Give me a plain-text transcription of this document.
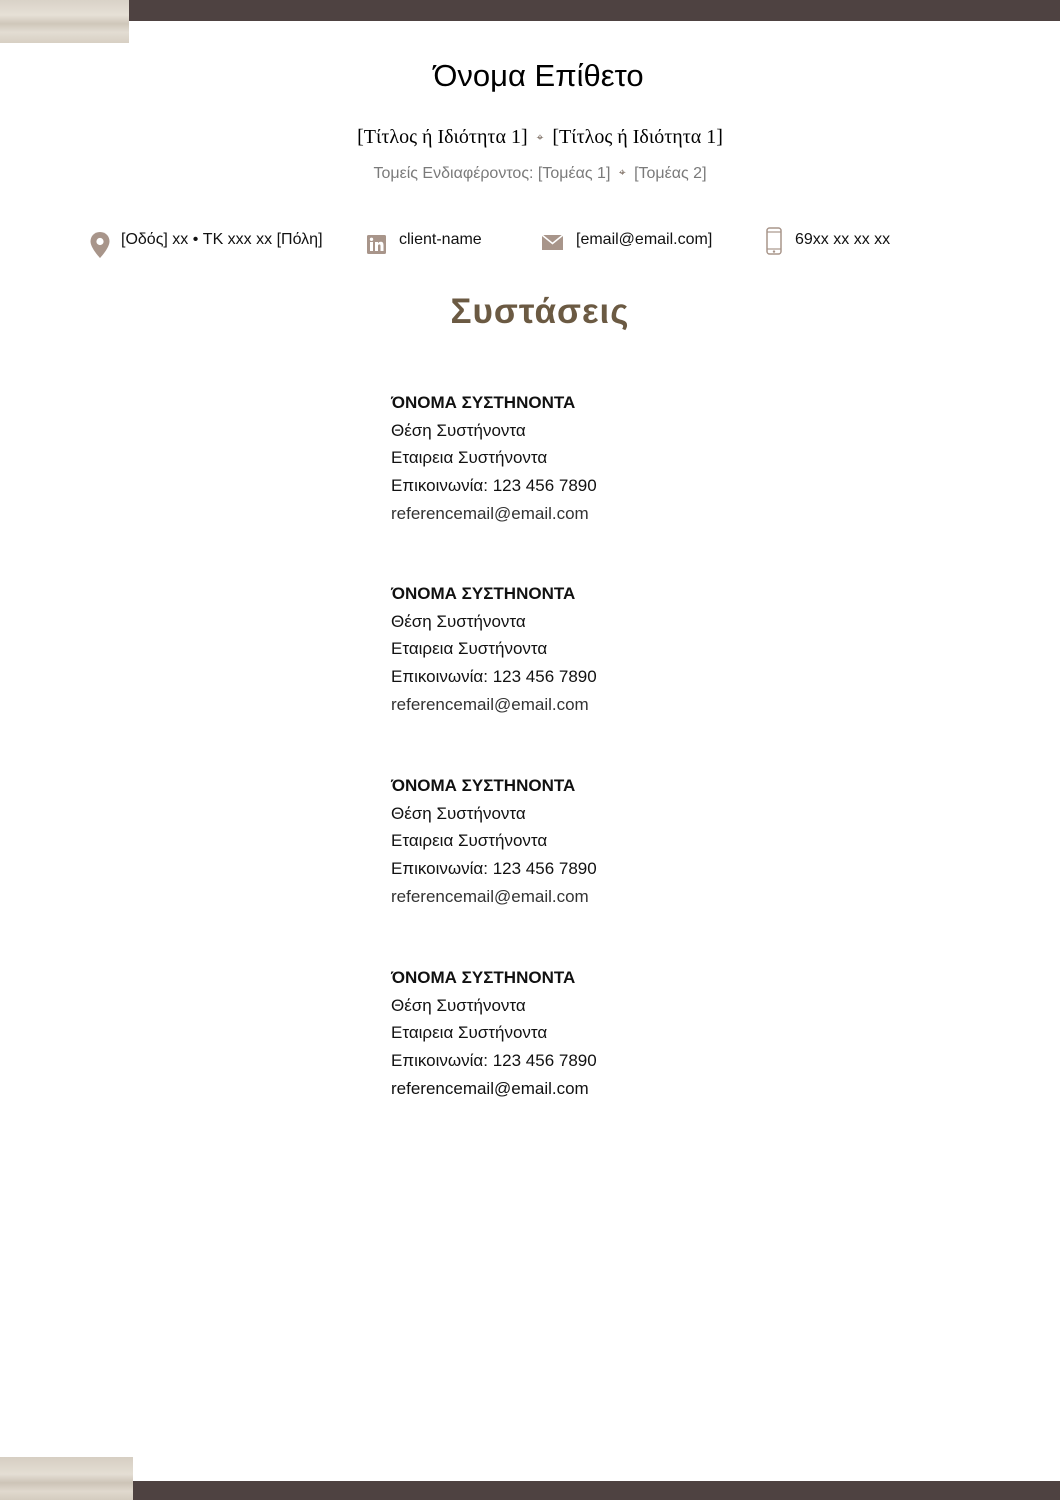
Όνομα Επίθετο
[Τίτλος ή Ιδιότητα 1] ⌖ [Τίτλος ή Ιδιότητα 1]
Τομείς Ενδιαφέροντος: [Τομέας 1] ⌖ [Τομέας 2]
[Οδός] xx • ΤΚ xxx xx [Πόλη]	client-name	[email@email.com]	69xx xx xx xx
Συστάσεις
ΌΝΟΜΑ ΣΥΣΤΗΝΟΝΤΑ
Θέση Συστήνοντα
Εταιρεια Συστήνοντα
Επικοινωνία: 123 456 7890
referencemail@email.com
ΌΝΟΜΑ ΣΥΣΤΗΝΟΝΤΑ
Θέση Συστήνοντα
Εταιρεια Συστήνοντα
Επικοινωνία: 123 456 7890
referencemail@email.com
ΌΝΟΜΑ ΣΥΣΤΗΝΟΝΤΑ
Θέση Συστήνοντα
Εταιρεια Συστήνοντα
Επικοινωνία: 123 456 7890
referencemail@email.com
ΌΝΟΜΑ ΣΥΣΤΗΝΟΝΤΑ
Θέση Συστήνοντα
Εταιρεια Συστήνοντα
Επικοινωνία: 123 456 7890
referencemail@email.com
